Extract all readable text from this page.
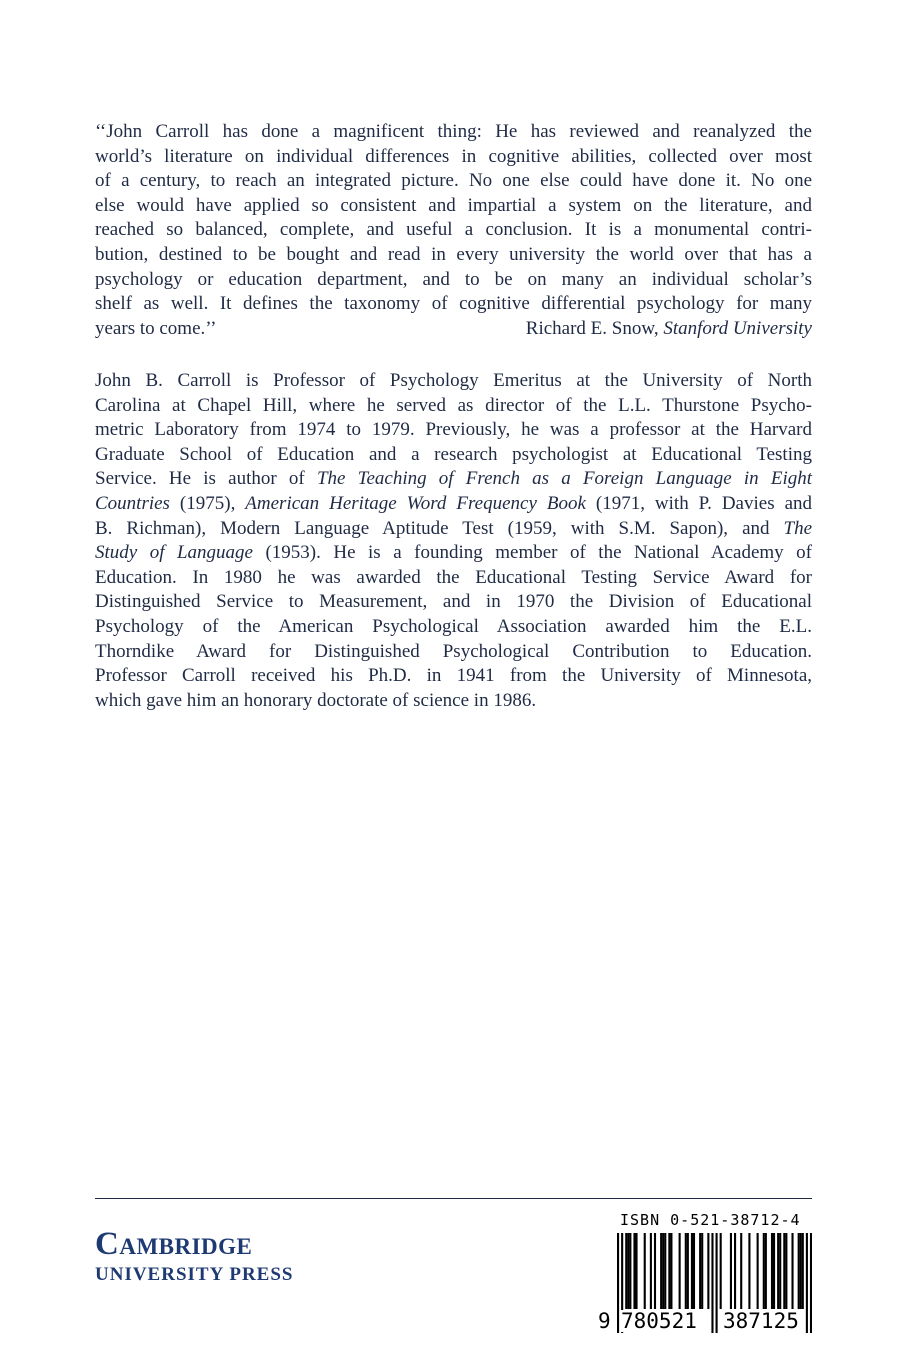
‘‘John Carroll has done a magnificent thing: He has reviewed and reanalyzed the
world’s literature on individual differences in cognitive abilities, collected over most
of a century, to reach an integrated picture. No one else could have done it. No one
else would have applied so consistent and impartial a system on the literature, and
reached so balanced, complete, and useful a conclusion. It is a monumental contri-
bution, destined to be bought and read in every university the world over that has a
psychology or education department, and to be on many an individual scholar’s
shelf as well. It defines the taxonomy of cognitive differential psychology for many
years to come.’’	Richard E. Snow, Stanford University
John B. Carroll is Professor of Psychology Emeritus at the University of North
Carolina at Chapel Hill, where he served as director of the L.L. Thurstone Psycho-
metric Laboratory from 1974 to 1979. Previously, he was a professor at the Harvard
Graduate School of Education and a research psychologist at Educational Testing
Service. He is author of The Teaching of French as a Foreign Language in Eight
Countries (1975), American Heritage Word Frequency Book (1971, with P. Davies and
B. Richman), Modern Language Aptitude Test (1959, with S.M. Sapon), and The
Study of Language (1953). He is a founding member of the National Academy of
Education. In 1980 he was awarded the Educational Testing Service Award for
Distinguished Service to Measurement, and in 1970 the Division of Educational
Psychology of the American Psychological Association awarded him the E.L.
Thorndike Award for Distinguished Psychological Contribution to Education.
Professor Carroll received his Ph.D. in 1941 from the University of Minnesota,
which gave him an honorary doctorate of science in 1986.
Cambridge
UNIVERSITY PRESS
ISBN 0-521-38712-4
9 780521 387125
